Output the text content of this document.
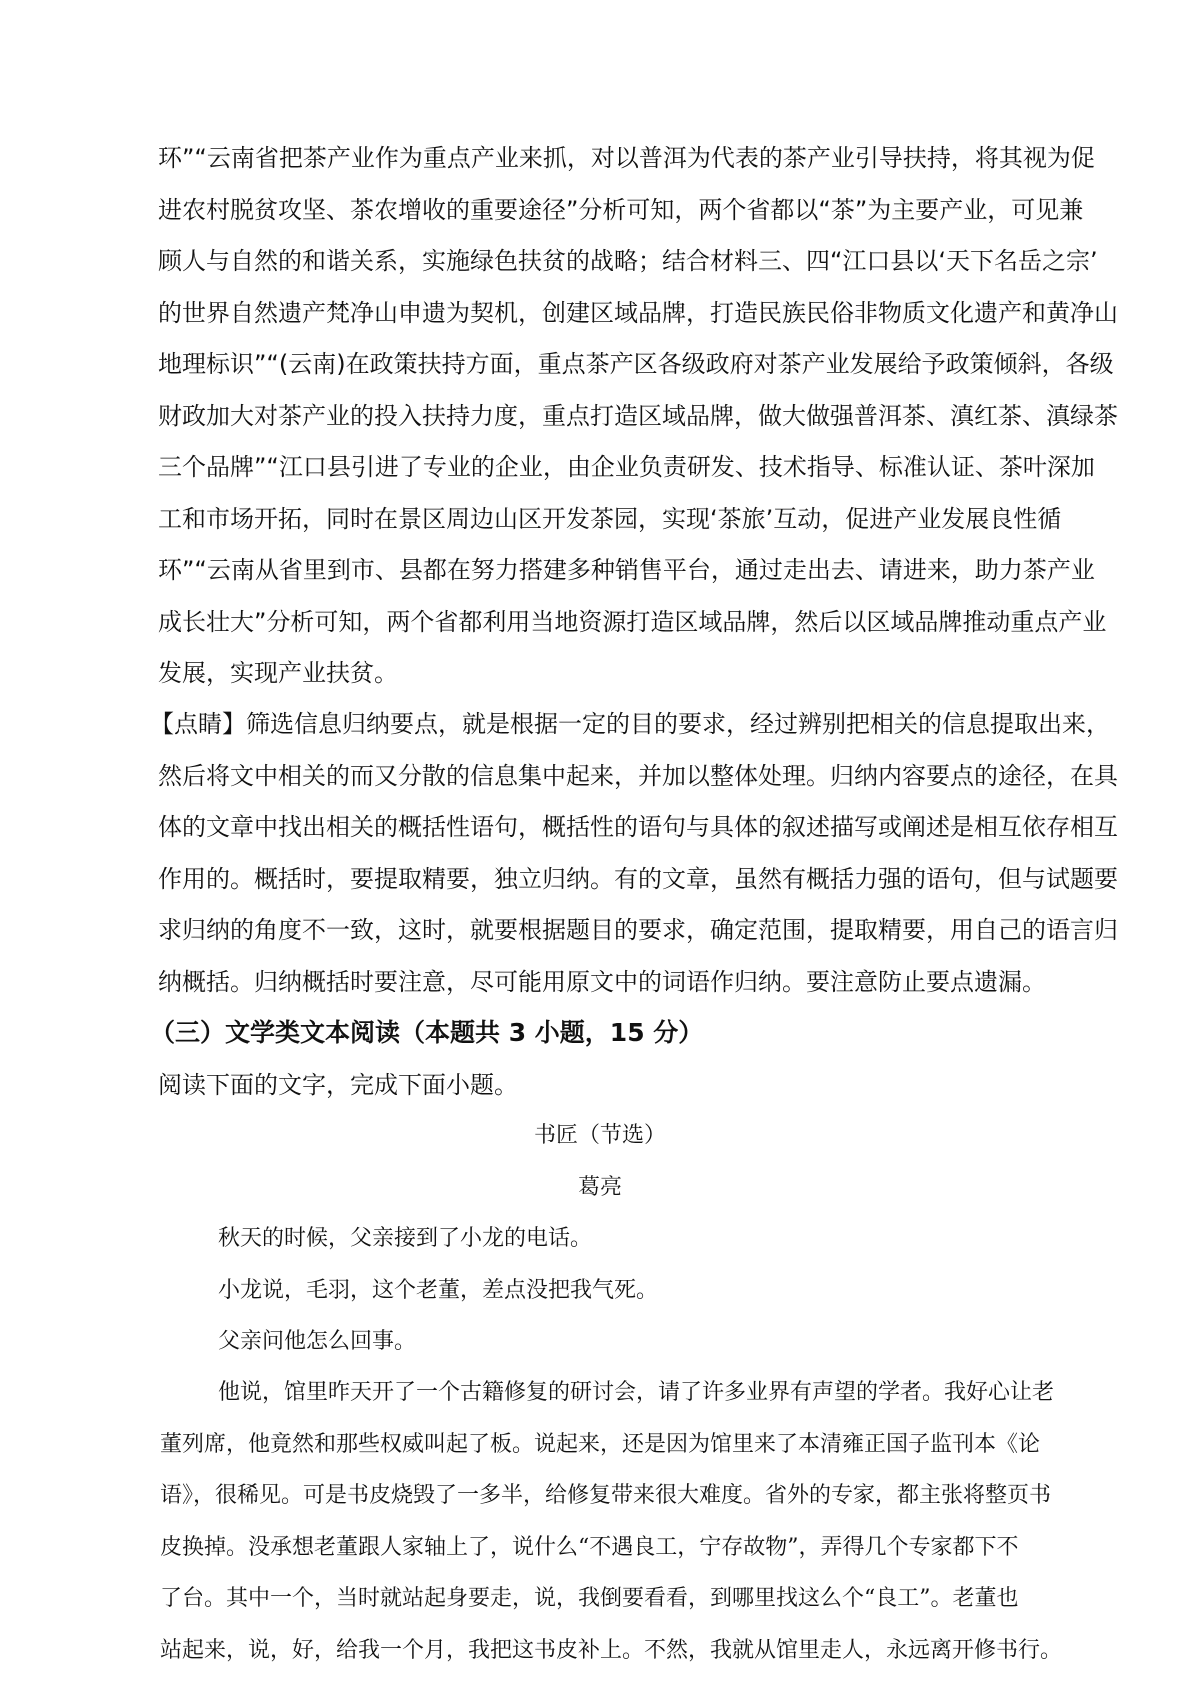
环”“云南省把茶产业作为重点产业来抓，对以普洱为代表的茶产业引导扶持，将其视为促
进农村脱贫攻坚、茶农增收的重要途径”分析可知，两个省都以“茶”为主要产业，可见兼
顾人与自然的和谐关系，实施绿色扶贫的战略；结合材料三、四“江口县以‘天下名岳之宗’
的世界自然遗产梵净山申遗为契机，创建区域品牌，打造民族民俗非物质文化遗产和黄净山
地理标识”“(云南)在政策扶持方面，重点茶产区各级政府对茶产业发展给予政策倾斜，各级
财政加大对茶产业的投入扶持力度，重点打造区域品牌，做大做强普洱茶、滇红茶、滇绿茶
三个品牌”“江口县引进了专业的企业，由企业负责研发、技术指导、标准认证、茶叶深加
工和市场开拓，同时在景区周边山区开发茶园，实现‘茶旅’互动，促进产业发展良性循
环”“云南从省里到市、县都在努力搭建多种销售平台，通过走出去、请进来，助力茶产业
成长壮大”分析可知，两个省都利用当地资源打造区域品牌，然后以区域品牌推动重点产业
发展，实现产业扶贫。
【点睛】筛选信息归纳要点，就是根据一定的目的要求，经过辨别把相关的信息提取出来，
然后将文中相关的而又分散的信息集中起来，并加以整体处理。归纳内容要点的途径，在具
体的文章中找出相关的概括性语句，概括性的语句与具体的叙述描写或阐述是相互依存相互
作用的。概括时，要提取精要，独立归纳。有的文章，虽然有概括力强的语句，但与试题要
求归纳的角度不一致，这时，就要根据题目的要求，确定范围，提取精要，用自己的语言归
纳概括。归纳概括时要注意，尽可能用原文中的词语作归纳。要注意防止要点遗漏。
（三）文学类文本阅读（本题共 3 小题，15 分）
阅读下面的文字，完成下面小题。
书匠（节选）
葛亮
秋天的时候，父亲接到了小龙的电话。
小龙说，毛羽，这个老董，差点没把我气死。
父亲问他怎么回事。
他说，馆里昨天开了一个古籍修复的研讨会，请了许多业界有声望的学者。我好心让老
董列席，他竟然和那些权威叫起了板。说起来，还是因为馆里来了本清雍正国子监刊本《论
语》，很稀见。可是书皮烧毁了一多半，给修复带来很大难度。省外的专家，都主张将整页书
皮换掉。没承想老董跟人家轴上了，说什么“不遇良工，宁存故物”，弄得几个专家都下不
了台。其中一个，当时就站起身要走，说，我倒要看看，到哪里找这么个“良工”。老董也
站起来，说，好，给我一个月，我把这书皮补上。不然，我就从馆里走人，永远离开修书行。
